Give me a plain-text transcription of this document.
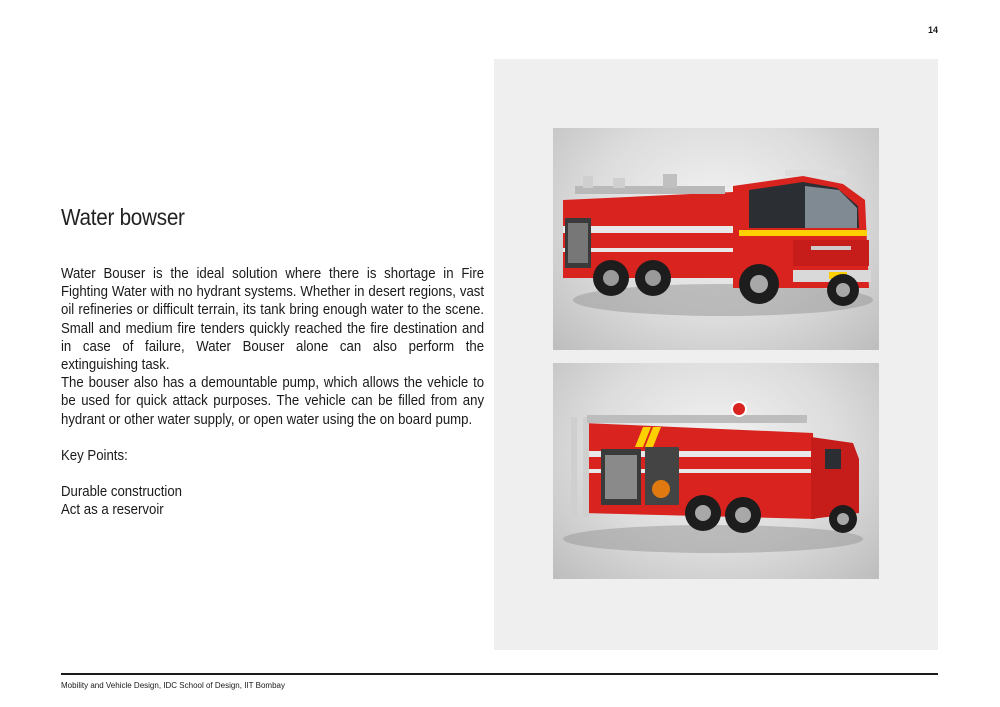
14
Water bowser

Water Bouser is the ideal solution where there is shortage in Fire Fighting Water with no hydrant systems. Whether in desert regions, vast oil refineries or difficult terrain, its tank bring enough water to the scene. Small and medium fire tenders quickly reached the fire destination and in case of failure, Water Bouser alone can also perform the extinguishing task.

The bouser also has a demountable pump, which allows the vehicle to be used for quick attack purposes. The vehicle can be filled from any hydrant or other water supply, or open water using the on board pump.

Key Points:

Durable construction

Act as a reservoir

Mobility and Vehicle Design, IDC School of Design, IIT Bombay
